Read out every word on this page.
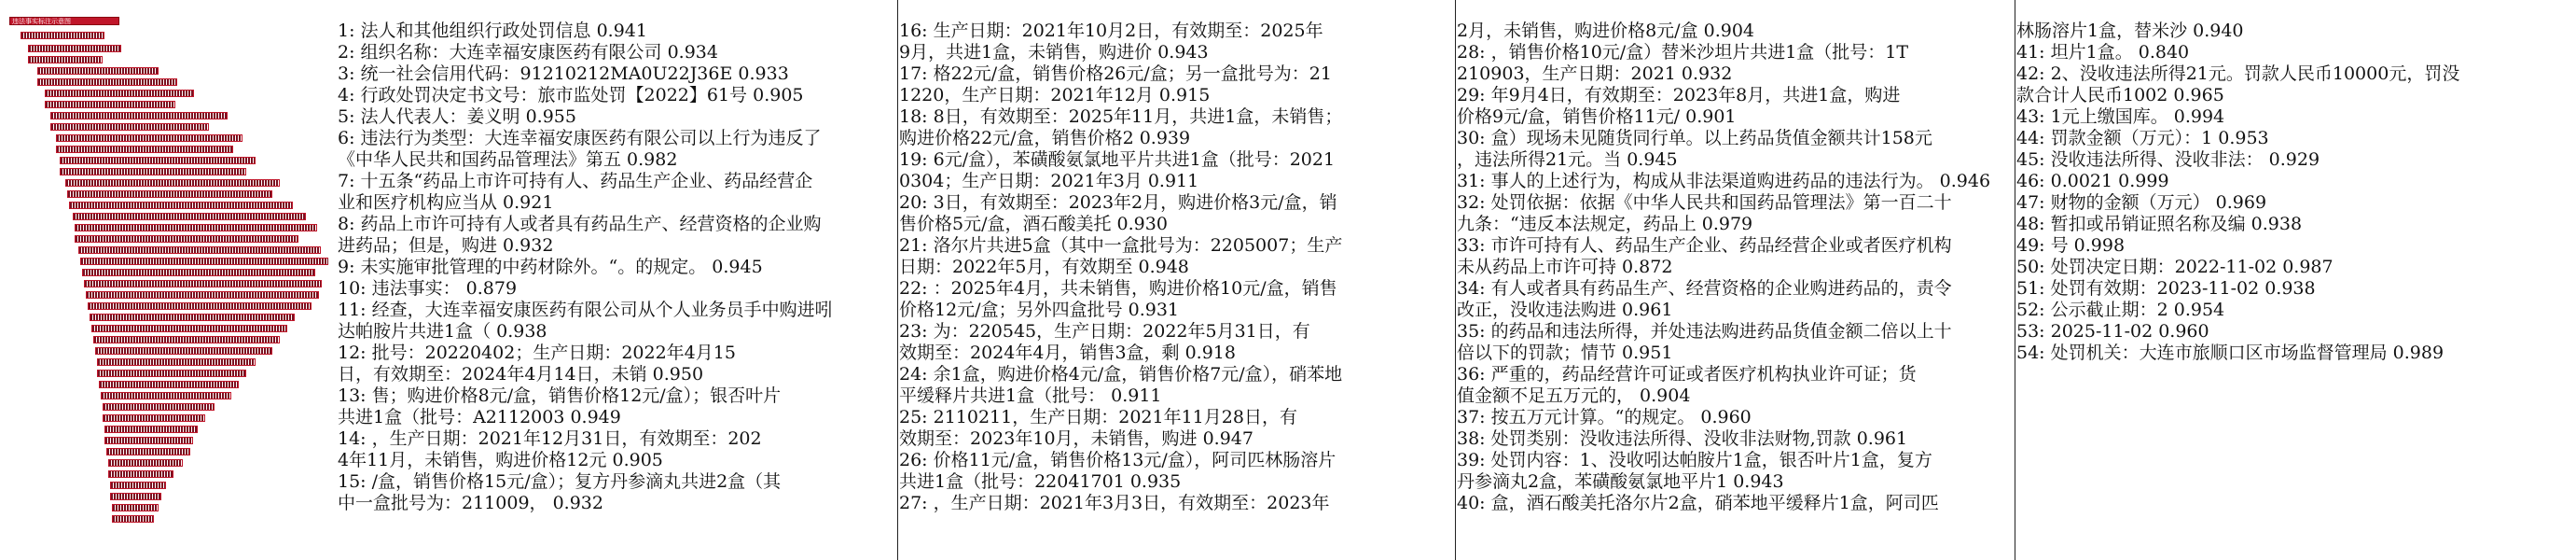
违法事实标注示意图	1: 法人和其他组织行政处罚信息 0.941
2: 组织名称：大连幸福安康医药有限公司 0.934
3: 统一社会信用代码：91210212MA0U22J36E 0.933
4: 行政处罚决定书文号：旅市监处罚【2022】61号 0.905
5: 法人代表人：姜义明 0.955
6: 违法行为类型：大连幸福安康医药有限公司以上行为违反了
《中华人民共和国药品管理法》第五 0.982
7: 十五条“药品上市许可持有人、药品生产企业、药品经营企
业和医疗机构应当从 0.921
8: 药品上市许可持有人或者具有药品生产、经营资格的企业购
进药品；但是，购进 0.932
9: 未实施审批管理的中药材除外。“。的规定。 0.945
10: 违法事实： 0.879
11: 经查，大连幸福安康医药有限公司从个人业务员手中购进吲
达帕胺片共进1盒（ 0.938
12: 批号：20220402；生产日期：2022年4月15
日，有效期至：2024年4月14日，未销 0.950
13: 售；购进价格8元/盒，销售价格12元/盒）；银否叶片
共进1盒（批号：A2112003 0.949
14: ，生产日期：2021年12月31日，有效期至：202
4年11月，未销售，购进价格12元 0.905
15: /盒，销售价格15元/盒）；复方丹参滴丸共进2盒（其
中一盒批号为：211009， 0.932
16: 生产日期：2021年10月2日，有效期至：2025年
9月，共进1盒，未销售，购进价 0.943
17: 格22元/盒，销售价格26元/盒；另一盒批号为：21
1220，生产日期：2021年12月 0.915
18: 8日，有效期至：2025年11月，共进1盒，未销售；
购进价格22元/盒，销售价格2 0.939
19: 6元/盒），苯磺酸氨氯地平片共进1盒（批号：2021
0304；生产日期：2021年3月 0.911
20: 3日，有效期至：2023年2月，购进价格3元/盒，销
售价格5元/盒，酒石酸美托 0.930
21: 洛尔片共进5盒（其中一盒批号为：2205007；生产
日期：2022年5月，有效期至 0.948
22: ：2025年4月，共未销售，购进价格10元/盒，销售
价格12元/盒；另外四盒批号 0.931
23: 为：220545，生产日期：2022年5月31日，有
效期至：2024年4月，销售3盒，剩 0.918
24: 余1盒，购进价格4元/盒，销售价格7元/盒），硝苯地
平缓释片共进1盒（批号： 0.911
25: 2110211，生产日期：2021年11月28日，有
效期至：2023年10月，未销售，购进 0.947
26: 价格11元/盒，销售价格13元/盒），阿司匹林肠溶片
共进1盒（批号：22041701 0.935
27: ，生产日期：2021年3月3日，有效期至：2023年
2月，未销售，购进价格8元/盒 0.904
28: ，销售价格10元/盒）替米沙坦片共进1盒（批号：1T
210903，生产日期：2021 0.932
29: 年9月4日，有效期至：2023年8月，共进1盒，购进
价格9元/盒，销售价格11元/ 0.901
30: 盒）现场未见随货同行单。以上药品货值金额共计158元
，违法所得21元。当 0.945
31: 事人的上述行为，构成从非法渠道购进药品的违法行为。 0.946
32: 处罚依据：依据《中华人民共和国药品管理法》第一百二十
九条：“违反本法规定，药品上 0.979
33: 市许可持有人、药品生产企业、药品经营企业或者医疗机构
未从药品上市许可持 0.872
34: 有人或者具有药品生产、经营资格的企业购进药品的，责令
改正，没收违法购进 0.961
35: 的药品和违法所得，并处违法购进药品货值金额二倍以上十
倍以下的罚款；情节 0.951
36: 严重的，药品经营许可证或者医疗机构执业许可证；货
值金额不足五万元的， 0.904
37: 按五万元计算。“的规定。 0.960
38: 处罚类别：没收违法所得、没收非法财物,罚款 0.961
39: 处罚内容：1、没收吲达帕胺片1盒，银否叶片1盒，复方
丹参滴丸2盒，苯磺酸氨氯地平片1 0.943
40: 盒，酒石酸美托洛尔片2盒，硝苯地平缓释片1盒，阿司匹
林肠溶片1盒，替米沙 0.940
41: 坦片1盒。 0.840
42: 2、没收违法所得21元。罚款人民币10000元，罚没
款合计人民币1002 0.965
43: 1元上缴国库。 0.994
44: 罚款金额（万元）：1 0.953
45: 没收违法所得、没收非法： 0.929
46: 0.0021 0.999
47: 财物的金额（万元） 0.969
48: 暂扣或吊销证照名称及编 0.938
49: 号 0.998
50: 处罚决定日期：2022-11-02 0.987
51: 处罚有效期：2023-11-02 0.938
52: 公示截止期：2 0.954
53: 2025-11-02 0.960
54: 处罚机关：大连市旅顺口区市场监督管理局 0.989
